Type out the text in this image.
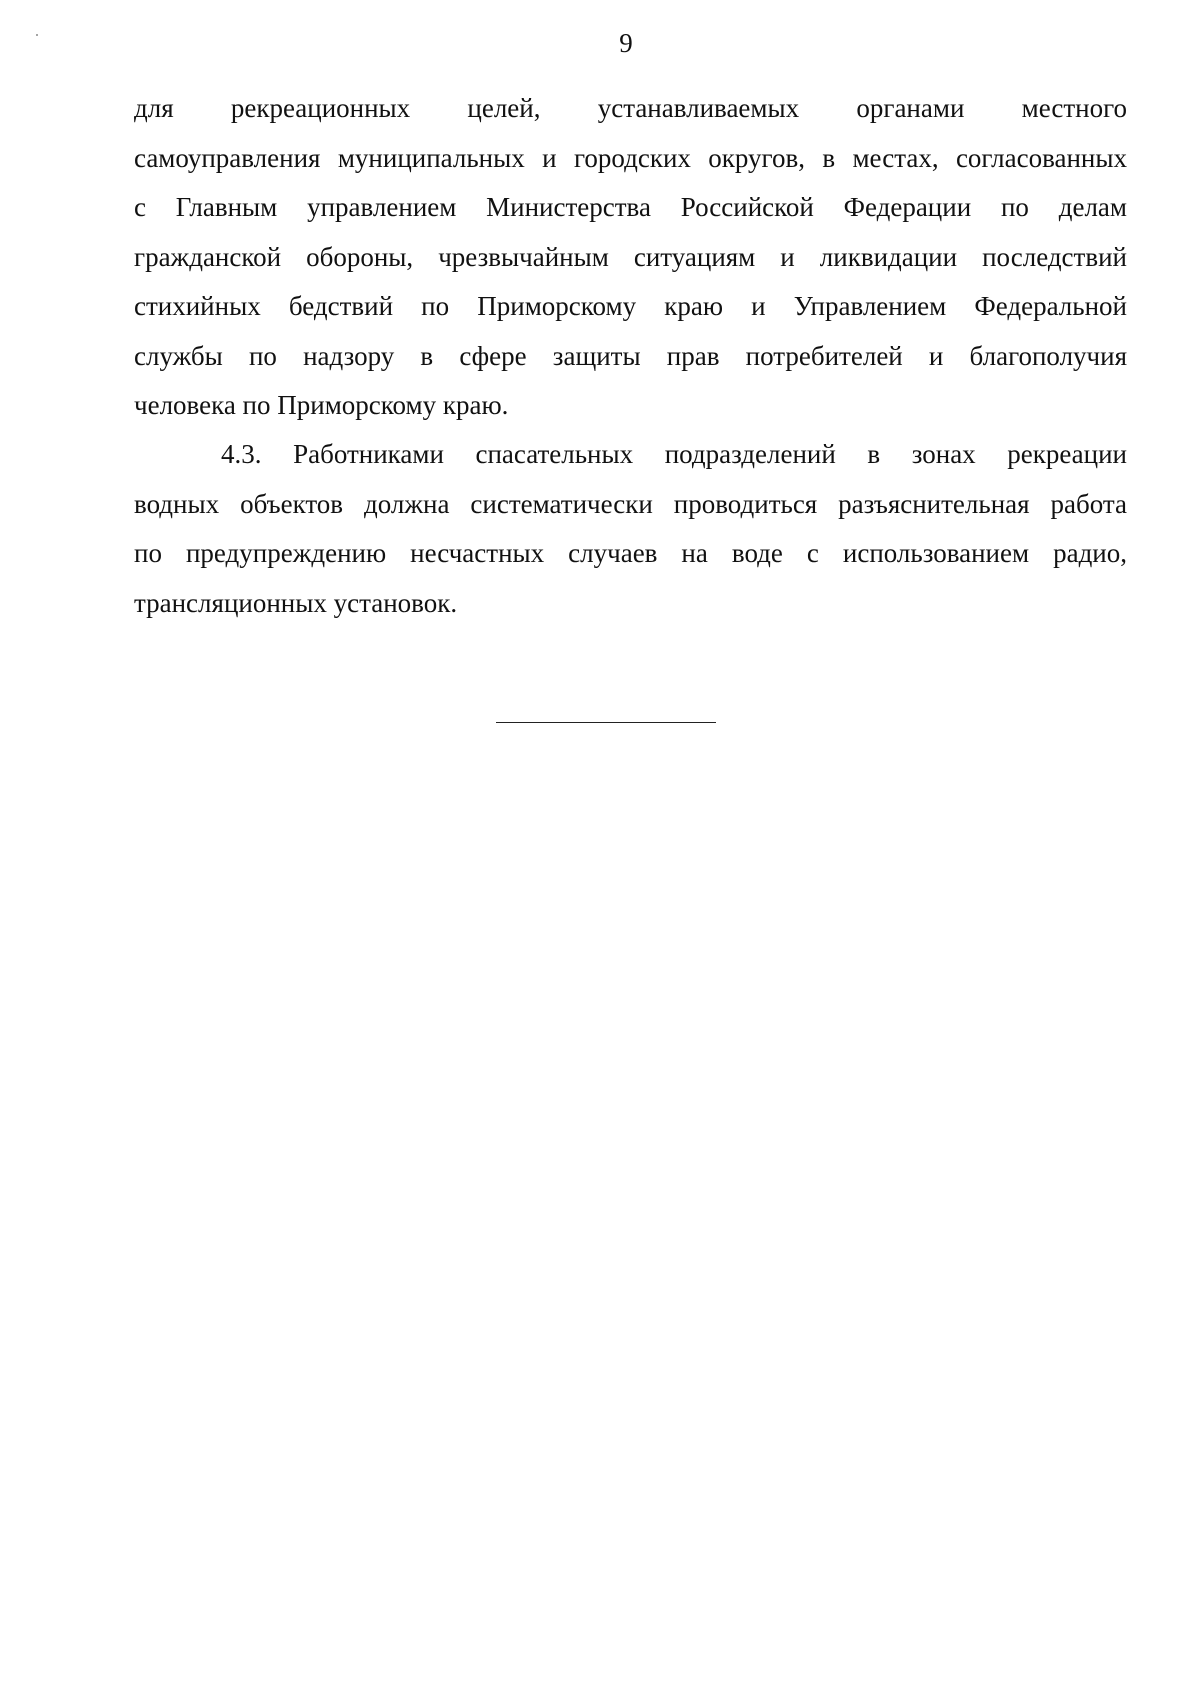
9
для рекреационных целей, устанавливаемых органами местного
самоуправления муниципальных и городских округов, в местах, согласованных
с Главным управлением Министерства Российской Федерации по делам
гражданской обороны, чрезвычайным ситуациям и ликвидации последствий
стихийных бедствий по Приморскому краю и Управлением Федеральной
службы по надзору в сфере защиты прав потребителей и благополучия
человека по Приморскому краю.
4.3. Работниками спасательных подразделений в зонах рекреации
водных объектов должна систематически проводиться разъяснительная работа
по предупреждению несчастных случаев на воде с использованием радио,
трансляционных установок.
